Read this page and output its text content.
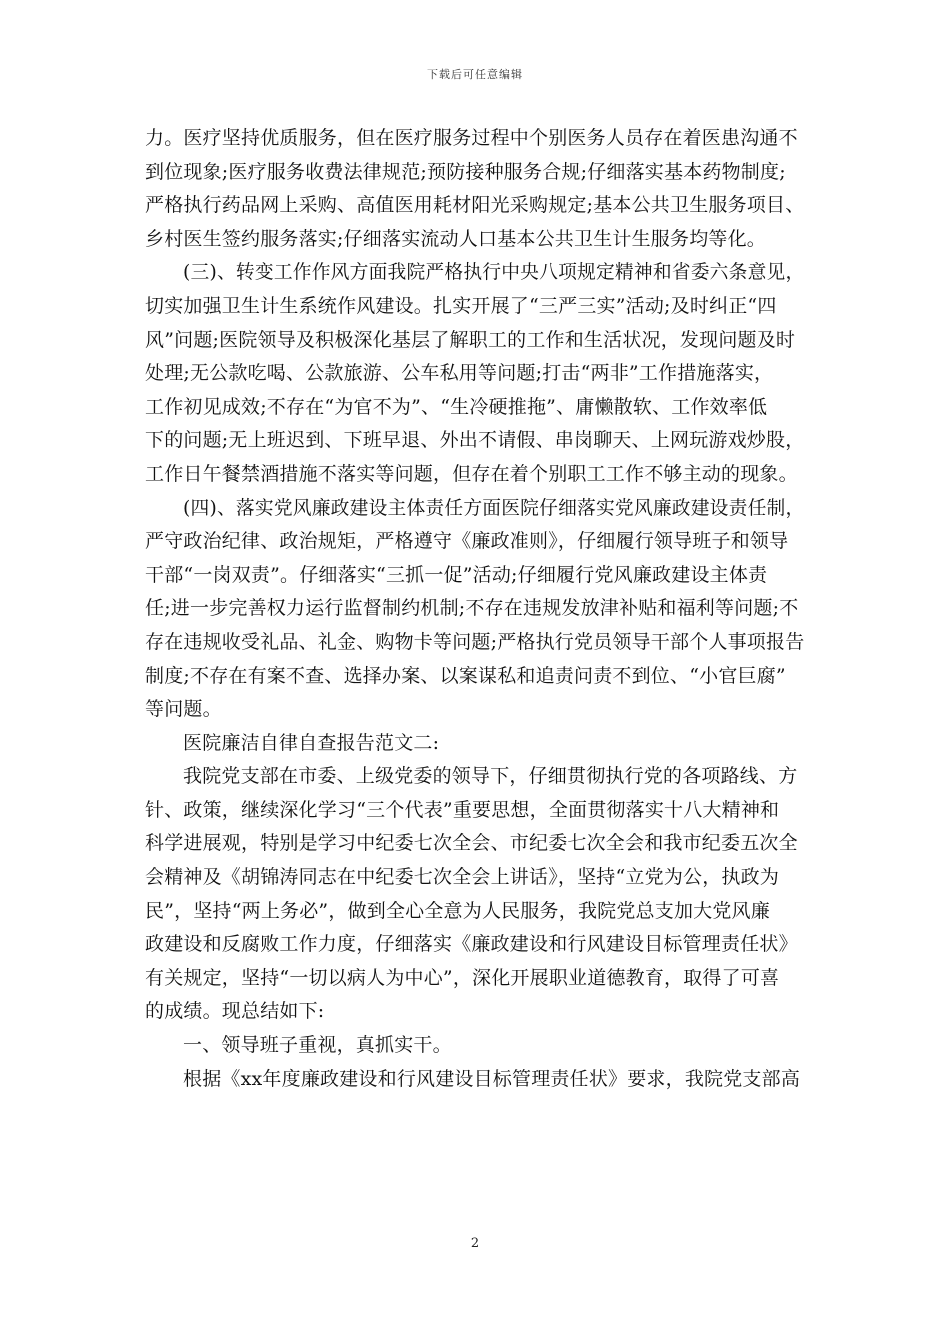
下载后可任意编辑
力。医疗坚持优质服务，但在医疗服务过程中个别医务人员存在着医患沟通不
到位现象;医疗服务收费法律规范;预防接种服务合规;仔细落实基本药物制度;
严格执行药品网上采购、高值医用耗材阳光采购规定;基本公共卫生服务项目、
乡村医生签约服务落实;仔细落实流动人口基本公共卫生计生服务均等化。
(三)、转变工作作风方面我院严格执行中央八项规定精神和省委六条意见，
切实加强卫生计生系统作风建设。扎实开展了“三严三实”活动;及时纠正“四
风”问题;医院领导及积极深化基层了解职工的工作和生活状况，发现问题及时
处理;无公款吃喝、公款旅游、公车私用等问题;打击“两非”工作措施落实，
工作初见成效;不存在“为官不为”、“生冷硬推拖”、庸懒散软、工作效率低
下的问题;无上班迟到、下班早退、外出不请假、串岗聊天、上网玩游戏炒股，
工作日午餐禁酒措施不落实等问题，但存在着个别职工工作不够主动的现象。
(四)、落实党风廉政建设主体责任方面医院仔细落实党风廉政建设责任制，
严守政治纪律、政治规矩，严格遵守《廉政准则》，仔细履行领导班子和领导
干部“一岗双责”。仔细落实“三抓一促”活动;仔细履行党风廉政建设主体责
任;进一步完善权力运行监督制约机制;不存在违规发放津补贴和福利等问题;不
存在违规收受礼品、礼金、购物卡等问题;严格执行党员领导干部个人事项报告
制度;不存在有案不查、选择办案、以案谋私和追责问责不到位、“小官巨腐”
等问题。
医院廉洁自律自查报告范文二:
我院党支部在市委、上级党委的领导下，仔细贯彻执行党的各项路线、方
针、政策，继续深化学习“三个代表”重要思想，全面贯彻落实十八大精神和
科学进展观，特别是学习中纪委七次全会、市纪委七次全会和我市纪委五次全
会精神及《胡锦涛同志在中纪委七次全会上讲话》，坚持“立党为公，执政为
民”，坚持“两上务必”，做到全心全意为人民服务，我院党总支加大党风廉
政建设和反腐败工作力度，仔细落实《廉政建设和行风建设目标管理责任状》
有关规定，坚持“一切以病人为中心”，深化开展职业道德教育，取得了可喜
的成绩。现总结如下:
一、领导班子重视，真抓实干。
根据《xx年度廉政建设和行风建设目标管理责任状》要求，我院党支部高
2
